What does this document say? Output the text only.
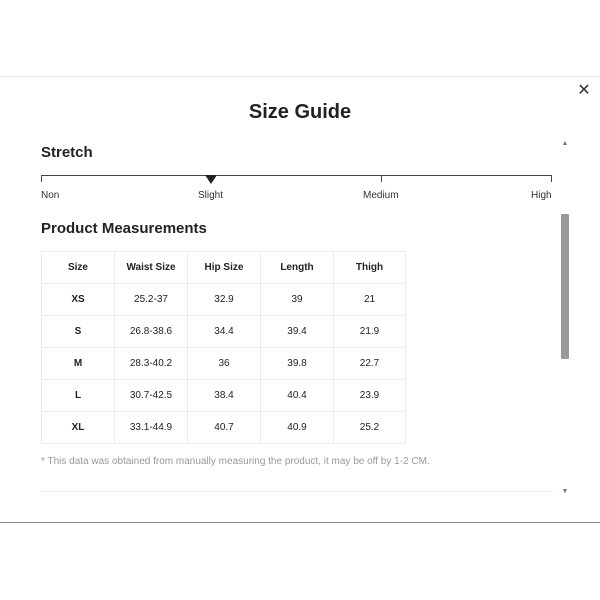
✕
Size Guide
Stretch
Non	Slight	Medium	High
Product Measurements
Size	Waist Size	Hip Size	Length	Thigh
XS	25.2-37	32.9	39	21
S	26.8-38.6	34.4	39.4	21.9
M	28.3-40.2	36	39.8	22.7
L	30.7-42.5	38.4	40.4	23.9
XL	33.1-44.9	40.7	40.9	25.2
* This data was obtained from manually measuring the product, it may be off by 1-2 CM.
▲
▼
